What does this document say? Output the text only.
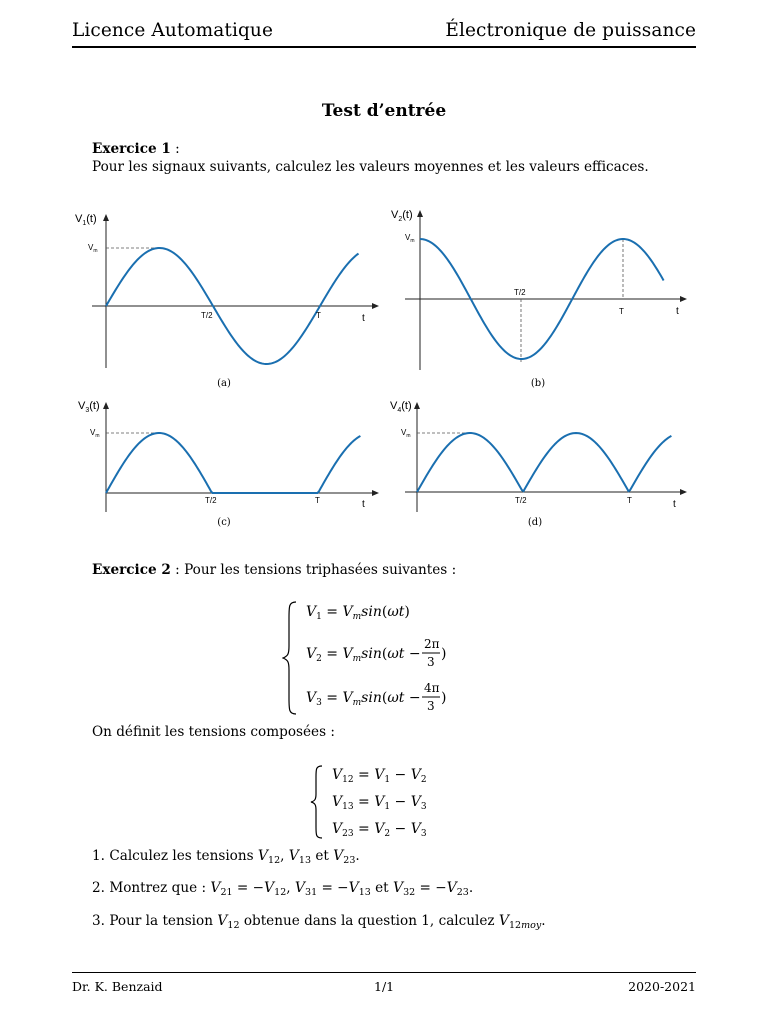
Licence Automatique	Électronique de puissance
Test d’entrée
Exercice 1 :
Pour les signaux suivants, calculez les valeurs moyennes et les valeurs efficaces.
$V_1(t)$
$V_m$
T/2	T	t
(a)
$V_2(t)$
$V_m$
T/2
T	t
(b)
$V_3(t)$
$V_m$
T/2	T	t
(c)
$V_4(t)$
$V_m$
T/2	T	t
(d)
Exercice 2 : Pour les tensions triphasées suivantes :
$V_1 = V_m\sin(\omega t)$
$V_2 = V_m\sin(\omega t$ −
2π
3 )
$V_3 = V_m\sin(\omega t$ −
4π
3 )
On définit les tensions composées :
$V_{12} = V_1 - V_2$
$V_{13} = V_1 - V_3$
$V_{23} = V_2 - V_3$
1. Calculez les tensions $V_{12}$, $V_{13}$ et $V_{23}$.
2. Montrez que : $V_{21} = -V_{12}$, $V_{31} = -V_{13}$ et $V_{32} = -V_{23}$.
3. Pour la tension $V_{12}$ obtenue dans la question 1, calculez $V_{12moy}$.
Dr. K. Benzaid	1/1	2020-2021
